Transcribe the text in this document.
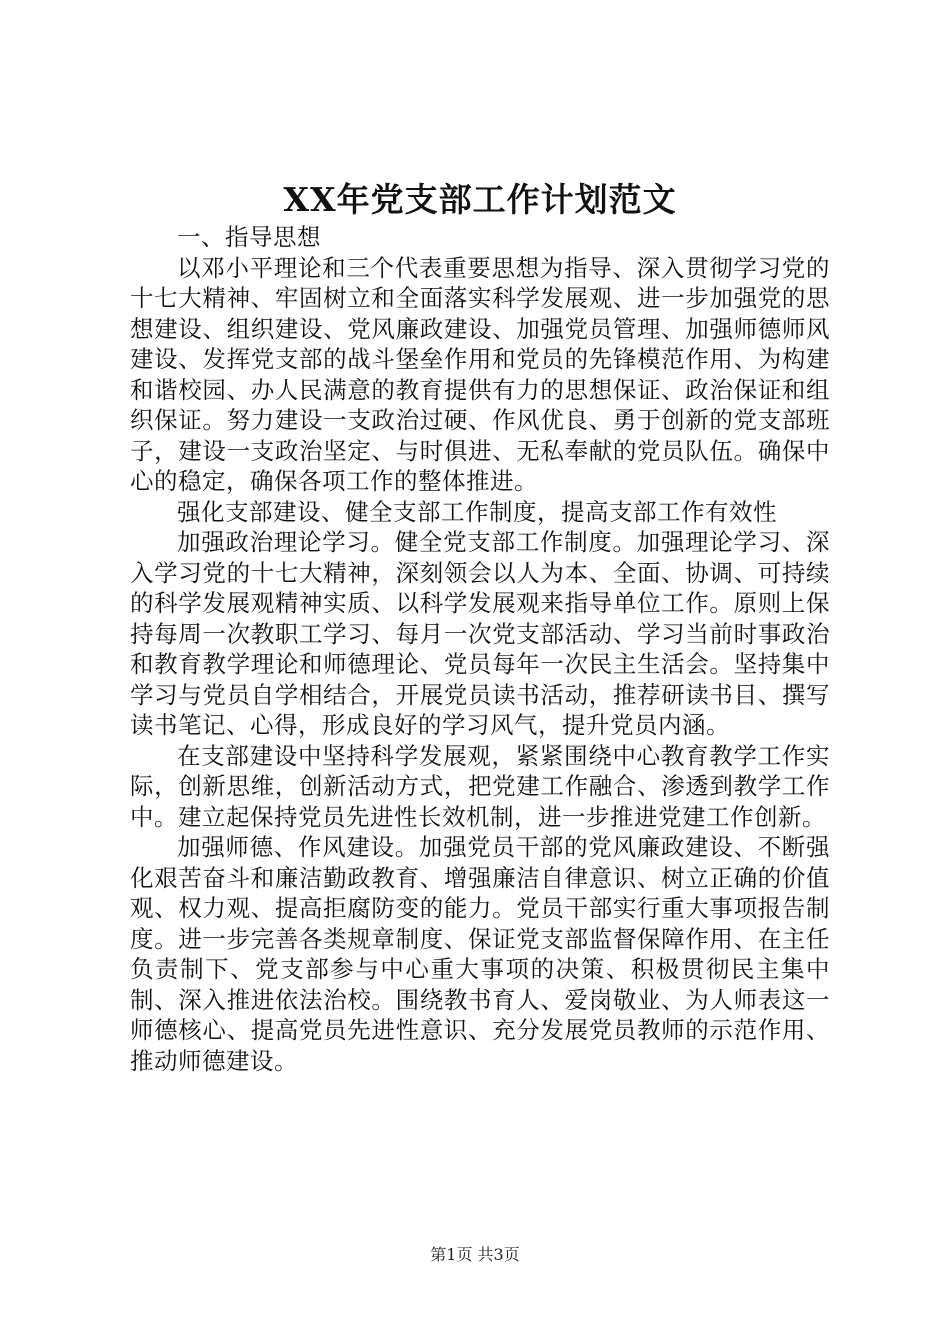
XX年党支部工作计划范文

一、指导思想

以邓小平理论和三个代表重要思想为指导、深入贯彻学习党的十七大精神、牢固树立和全面落实科学发展观、进一步加强党的思想建设、组织建设、党风廉政建设、加强党员管理、加强师德师风建设、发挥党支部的战斗堡垒作用和党员的先锋模范作用、为构建和谐校园、办人民满意的教育提供有力的思想保证、政治保证和组织保证。努力建设一支政治过硬、作风优良、勇于创新的党支部班子，建设一支政治坚定、与时俱进、无私奉献的党员队伍。确保中心的稳定，确保各项工作的整体推进。

强化支部建设、健全支部工作制度，提高支部工作有效性

加强政治理论学习。健全党支部工作制度。加强理论学习、深入学习党的十七大精神，深刻领会以人为本、全面、协调、可持续的科学发展观精神实质、以科学发展观来指导单位工作。原则上保持每周一次教职工学习、每月一次党支部活动、学习当前时事政治和教育教学理论和师德理论、党员每年一次民主生活会。坚持集中学习与党员自学相结合，开展党员读书活动，推荐研读书目、撰写读书笔记、心得，形成良好的学习风气，提升党员内涵。

在支部建设中坚持科学发展观，紧紧围绕中心教育教学工作实际，创新思维，创新活动方式，把党建工作融合、渗透到教学工作中。建立起保持党员先进性长效机制，进一步推进党建工作创新。

加强师德、作风建设。加强党员干部的党风廉政建设、不断强化艰苦奋斗和廉洁勤政教育、增强廉洁自律意识、树立正确的价值观、权力观、提高拒腐防变的能力。党员干部实行重大事项报告制度。进一步完善各类规章制度、保证党支部监督保障作用、在主任负责制下、党支部参与中心重大事项的决策、积极贯彻民主集中制、深入推进依法治校。围绕教书育人、爱岗敬业、为人师表这一师德核心、提高党员先进性意识、充分发展党员教师的示范作用、推动师德建设。

第1页 共3页
